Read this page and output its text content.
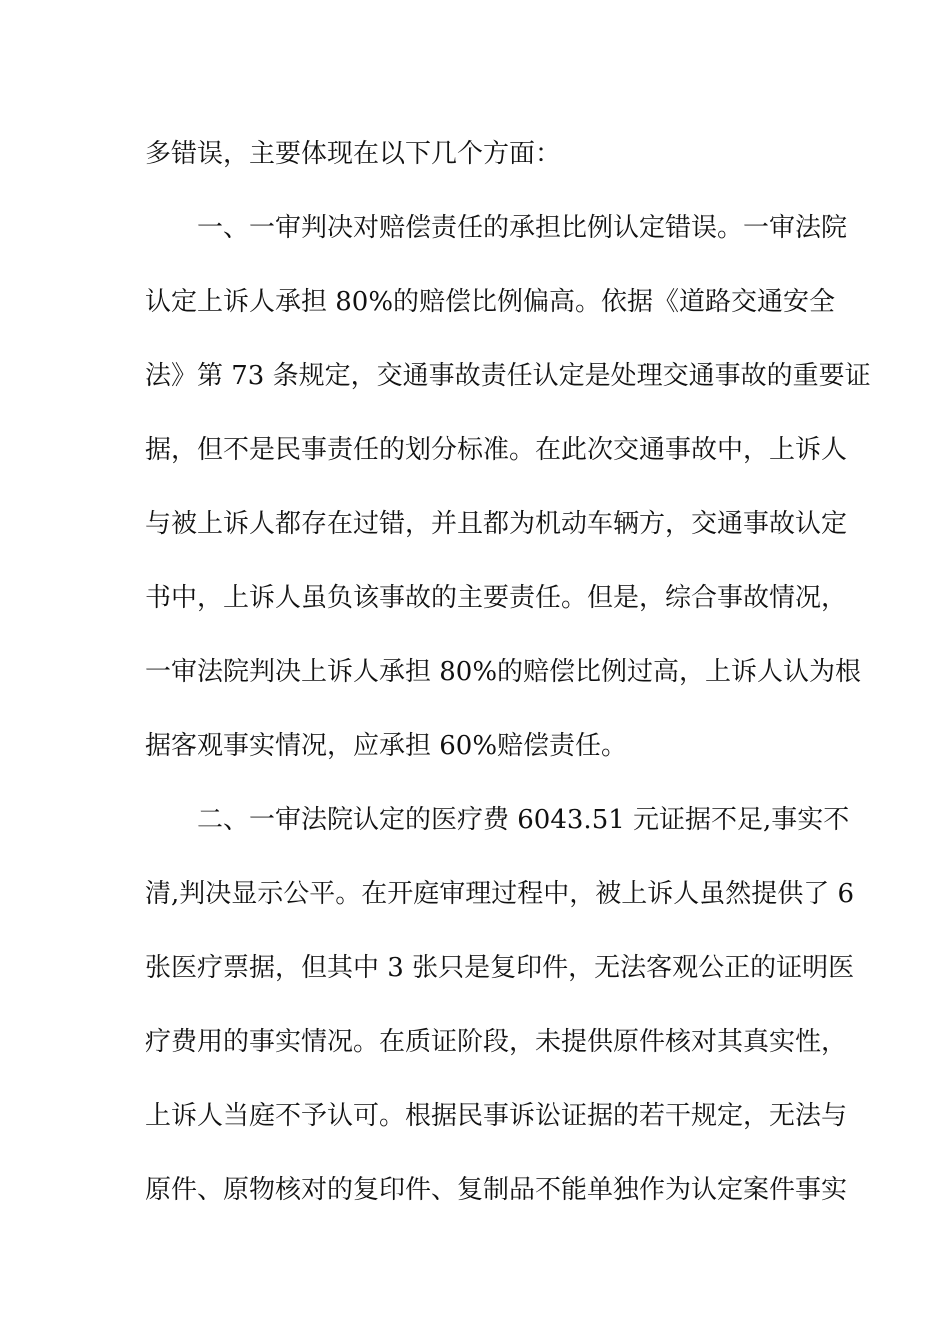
多错误，主要体现在以下几个方面：
一、一审判决对赔偿责任的承担比例认定错误。一审法院
认定上诉人承担 80%的赔偿比例偏高。依据《道路交通安全
法》第 73 条规定，交通事故责任认定是处理交通事故的重要证
据，但不是民事责任的划分标准。在此次交通事故中，上诉人
与被上诉人都存在过错，并且都为机动车辆方，交通事故认定
书中，上诉人虽负该事故的主要责任。但是，综合事故情况，
一审法院判决上诉人承担 80%的赔偿比例过高，上诉人认为根
据客观事实情况，应承担 60%赔偿责任。
二、一审法院认定的医疗费 6043.51 元证据不足,事实不
清,判决显示公平。在开庭审理过程中，被上诉人虽然提供了 6
张医疗票据，但其中 3 张只是复印件，无法客观公正的证明医
疗费用的事实情况。在质证阶段，未提供原件核对其真实性，
上诉人当庭不予认可。根据民事诉讼证据的若干规定，无法与
原件、原物核对的复印件、复制品不能单独作为认定案件事实
